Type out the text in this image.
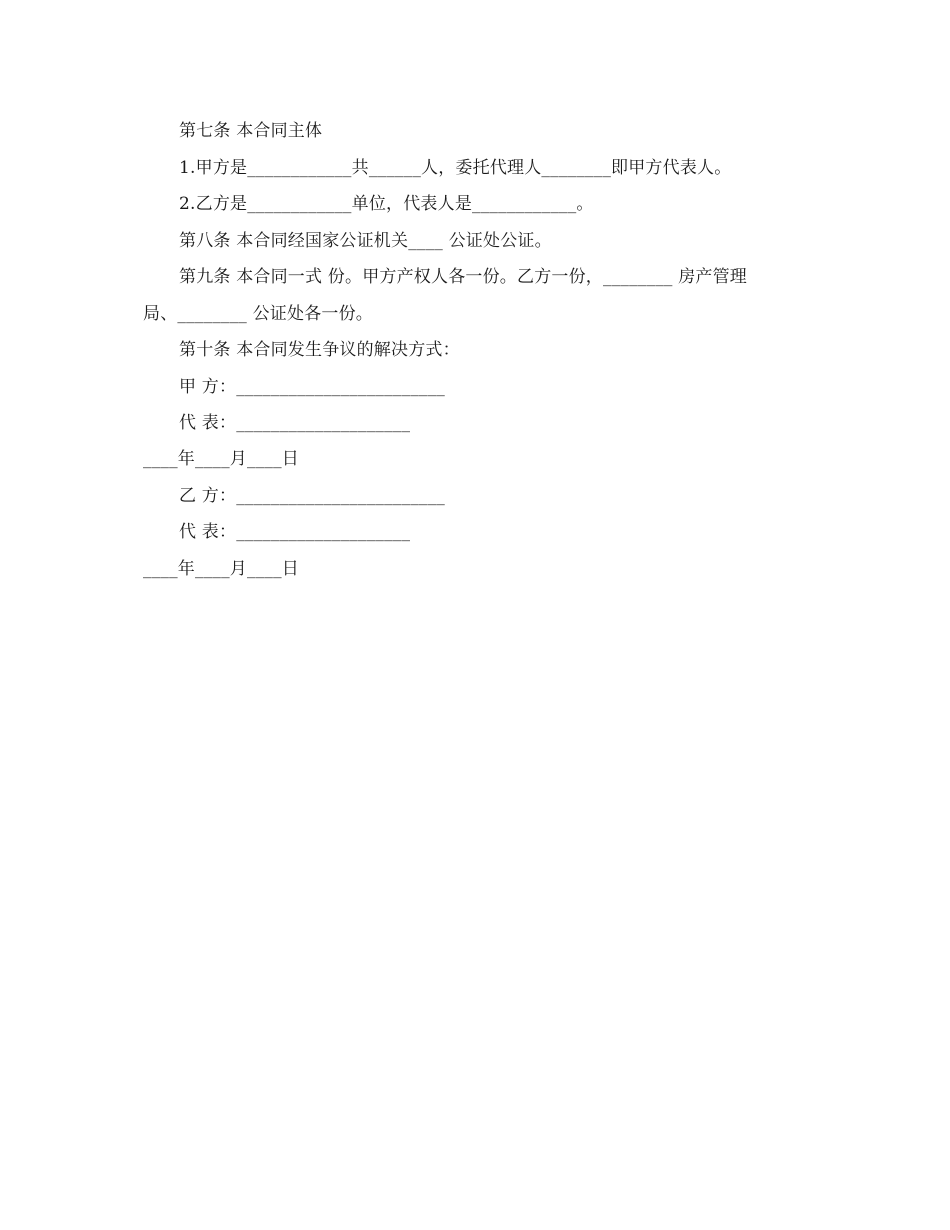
第七条 本合同主体
1.甲方是____________共______人，委托代理人________即甲方代表人。
2.乙方是____________单位，代表人是____________。
第八条 本合同经国家公证机关____ 公证处公证。
第九条 本合同一式 份。甲方产权人各一份。乙方一份，________ 房产管理
局、________ 公证处各一份。
第十条 本合同发生争议的解决方式：
甲 方：________________________
代 表：____________________
____年____月____日
乙 方：________________________
代 表：____________________
____年____月____日
